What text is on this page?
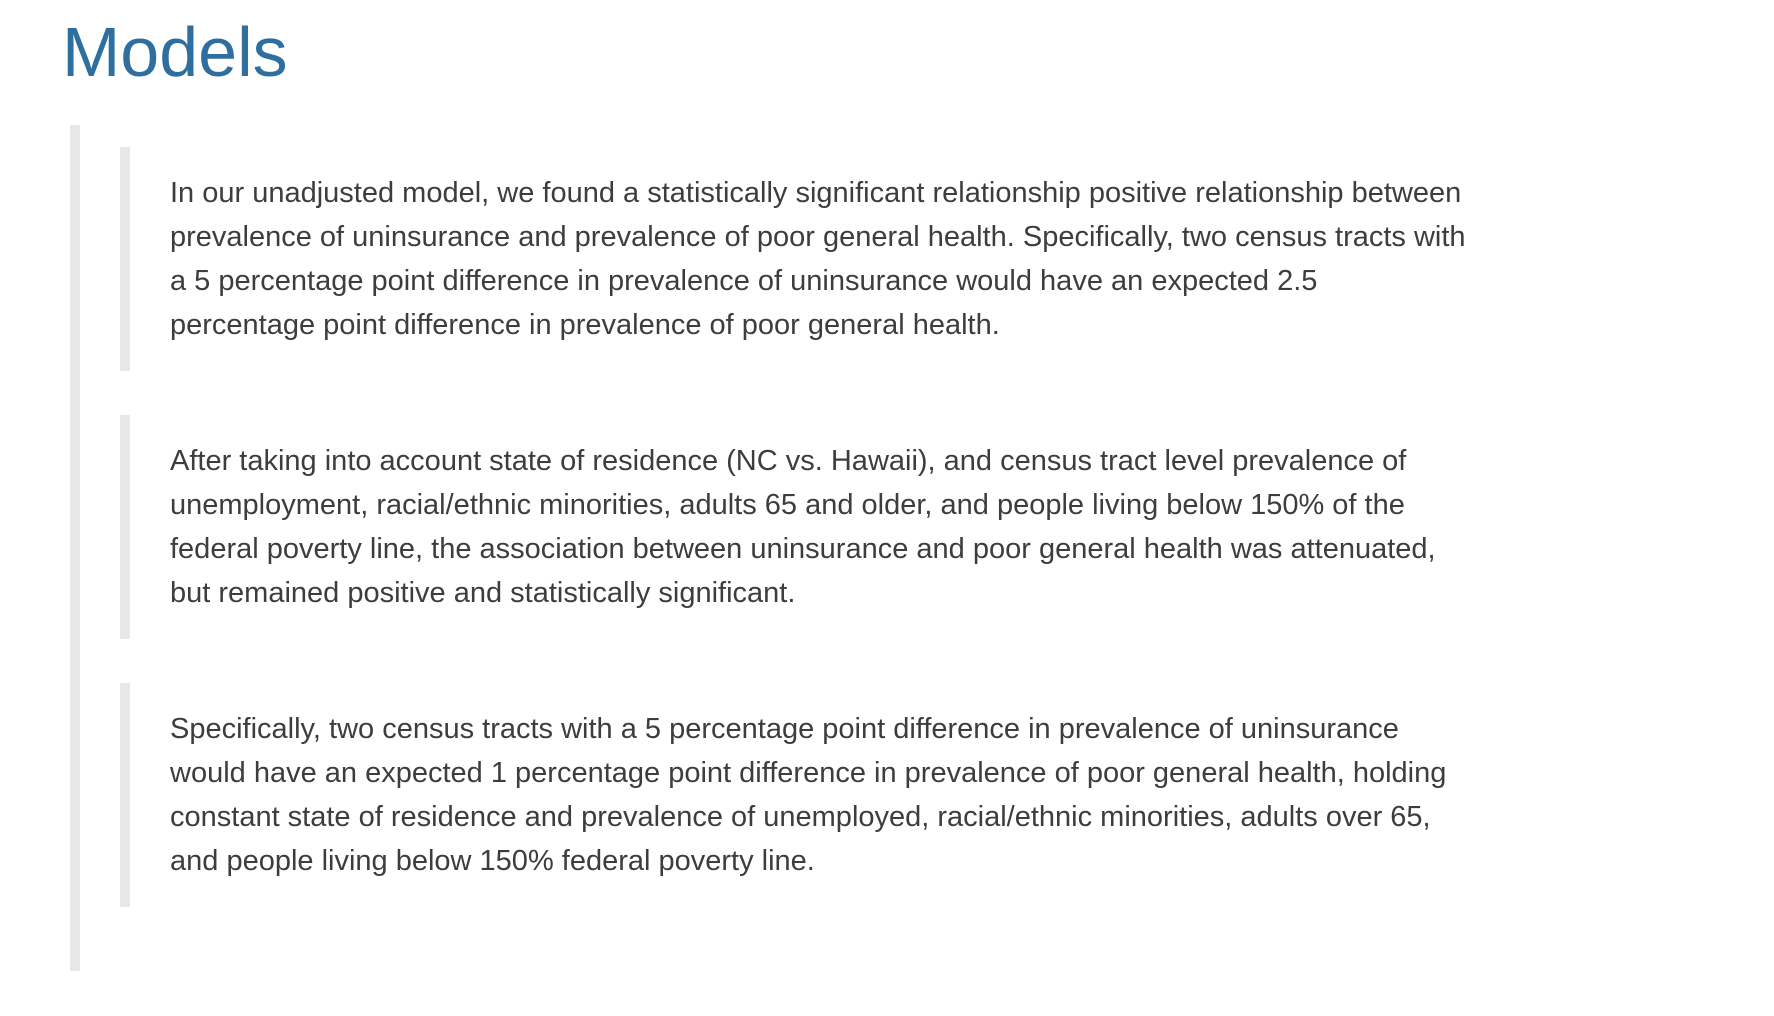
Models

In our unadjusted model, we found a statistically significant relationship positive relationship between prevalence of uninsurance and prevalence of poor general health. Specifically, two census tracts with a 5 percentage point difference in prevalence of uninsurance would have an expected 2.5 percentage point difference in prevalence of poor general health.

After taking into account state of residence (NC vs. Hawaii), and census tract level prevalence of unemployment, racial/ethnic minorities, adults 65 and older, and people living below 150% of the federal poverty line, the association between uninsurance and poor general health was attenuated, but remained positive and statistically significant.

Specifically, two census tracts with a 5 percentage point difference in prevalence of uninsurance would have an expected 1 percentage point difference in prevalence of poor general health, holding constant state of residence and prevalence of unemployed, racial/ethnic minorities, adults over 65, and people living below 150% federal poverty line.
